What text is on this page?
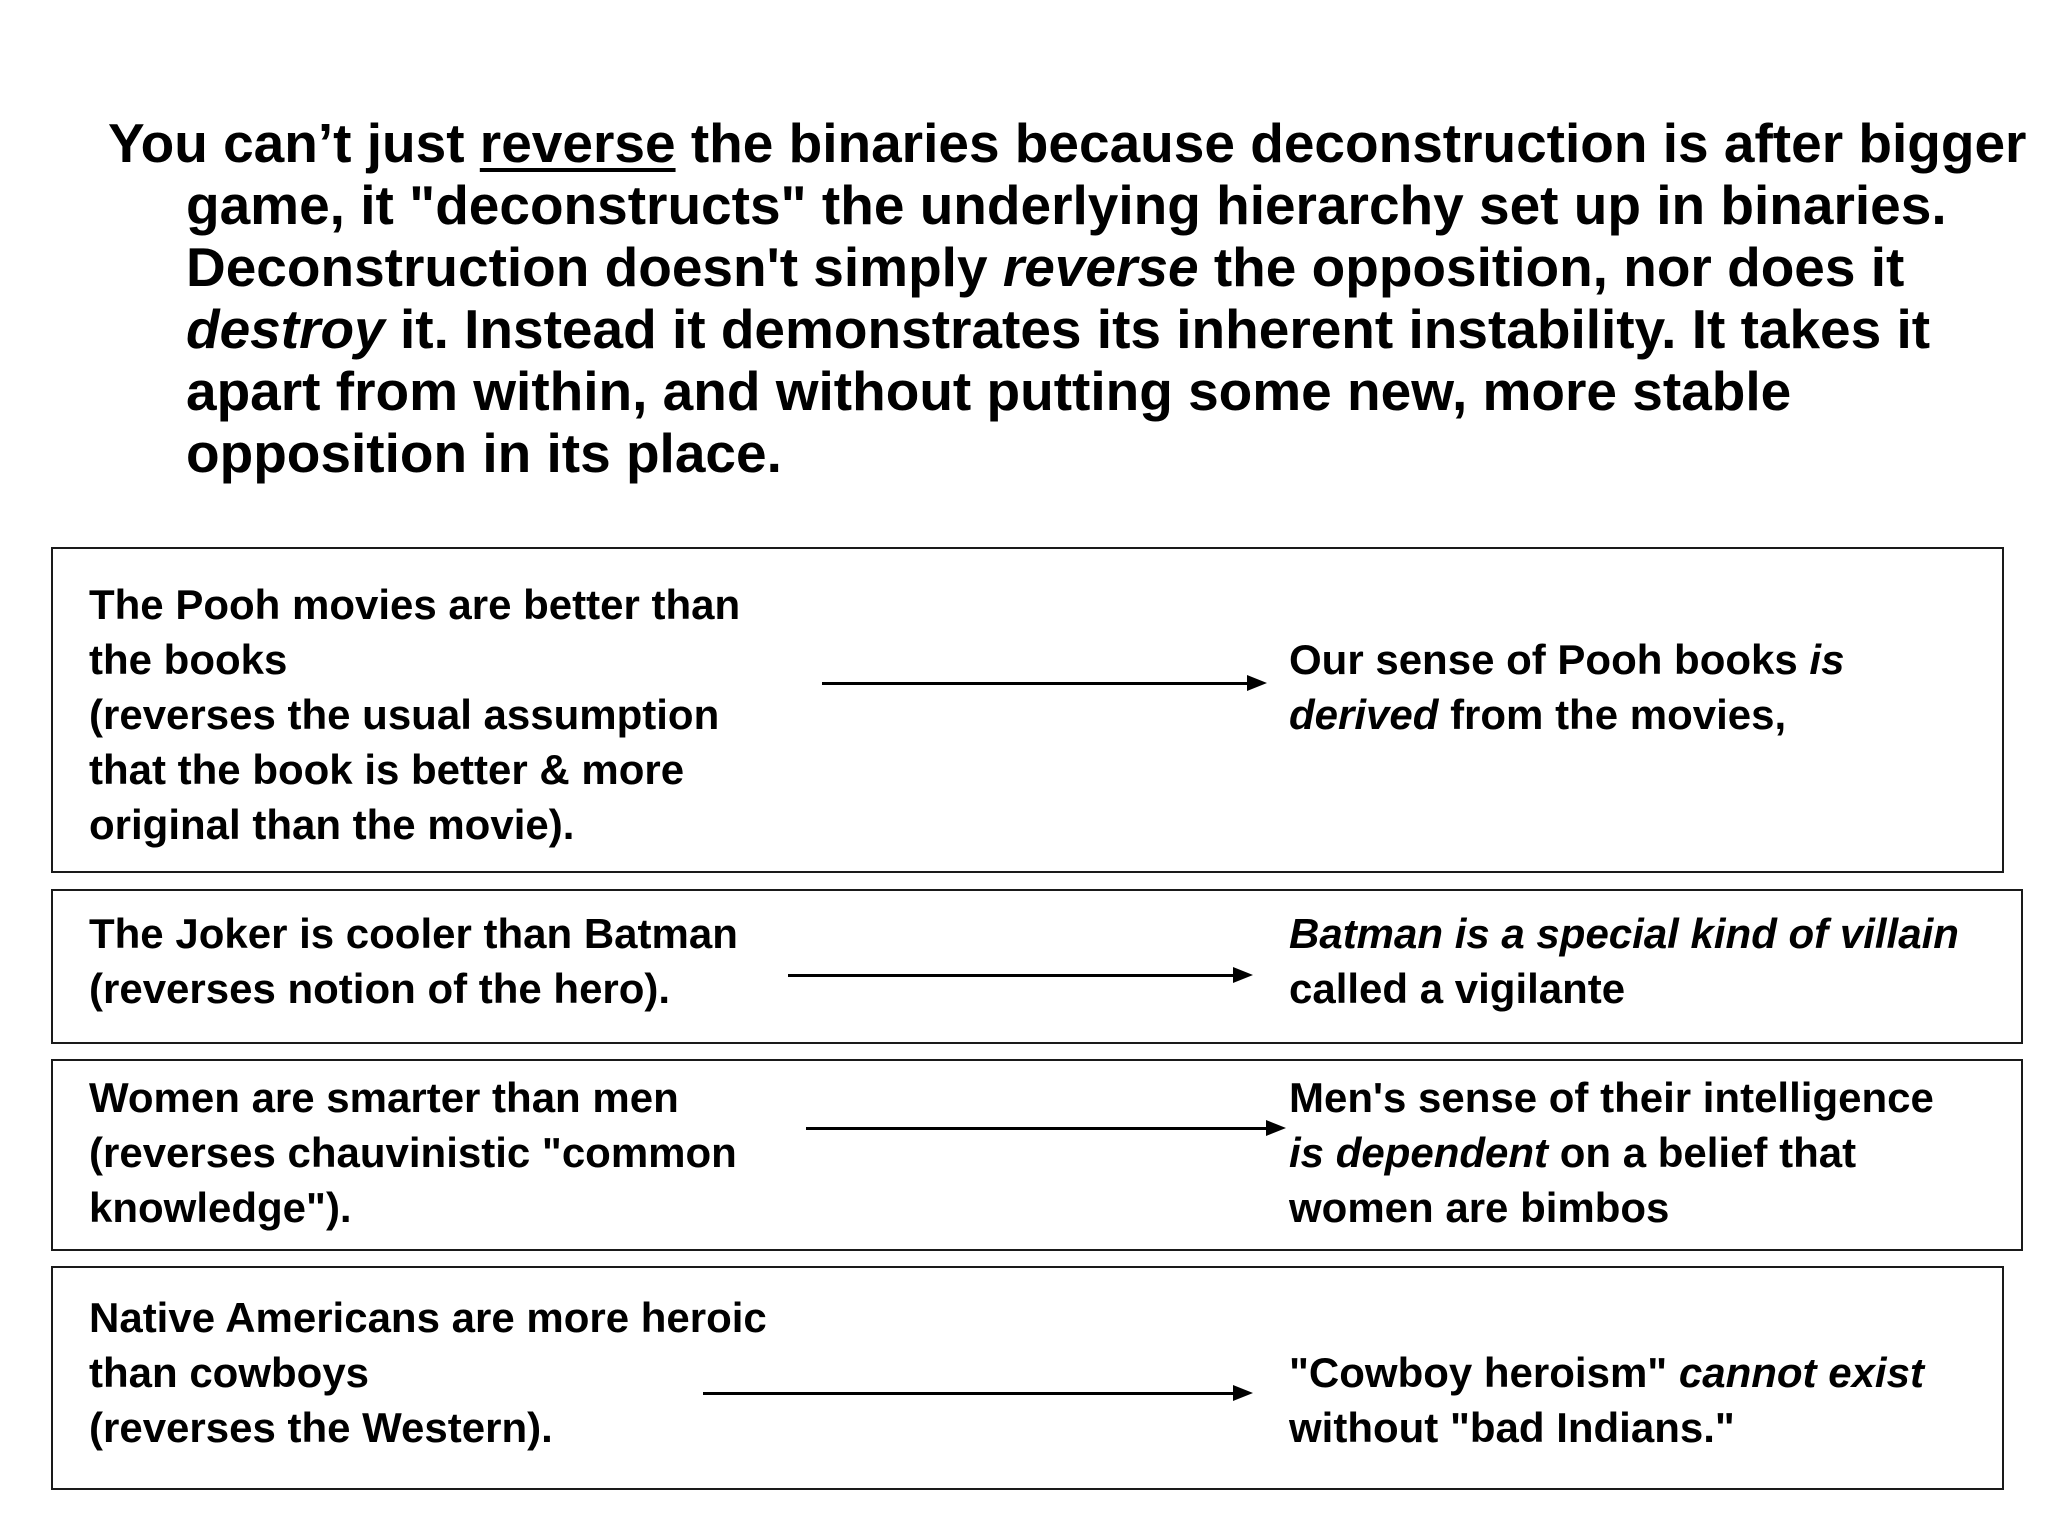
You can’t just reverse the binaries because deconstruction is after bigger game, it "deconstructs" the underlying hierarchy set up in binaries. Deconstruction doesn't simply reverse the opposition, nor does it destroy it. Instead it demonstrates its inherent instability. It takes it apart from within, and without putting some new, more stable opposition in its place.

The Pooh movies are better than
the books
(reverses the usual assumption
that the book is better & more
original than the movie).
Our sense of Pooh books is
derived from the movies,
The Joker is cooler than Batman
(reverses notion of the hero).
Batman is a special kind of villain
called a vigilante
Women are smarter than men
(reverses chauvinistic "common
knowledge").
Men's sense of their intelligence
is dependent on a belief that
women are bimbos
Native Americans are more heroic
than cowboys
(reverses the Western).
"Cowboy heroism" cannot exist
without "bad Indians."
